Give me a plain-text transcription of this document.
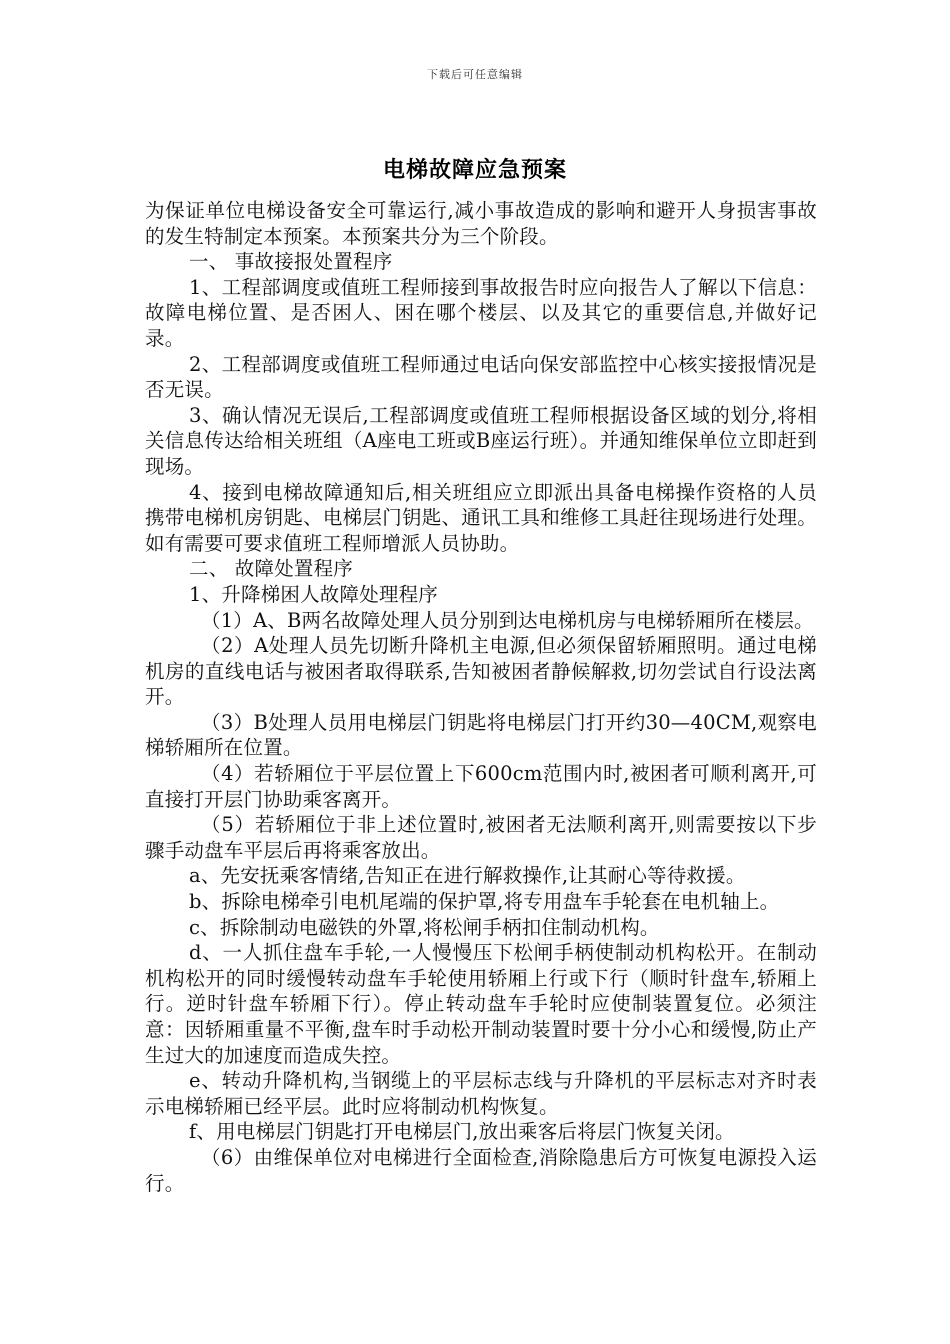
下载后可任意编辑
电梯故障应急预案

为保证单位电梯设备安全可靠运行,减小事故造成的影响和避开人身损害事故的发生特制定本预案。本预案共分为三个阶段。

一、 事故接报处置程序

1、工程部调度或值班工程师接到事故报告时应向报告人了解以下信息：故障电梯位置、是否困人、困在哪个楼层、以及其它的重要信息,并做好记录。

2、工程部调度或值班工程师通过电话向保安部监控中心核实接报情况是否无误。

3、确认情况无误后,工程部调度或值班工程师根据设备区域的划分,将相关信息传达给相关班组（A座电工班或B座运行班）。并通知维保单位立即赶到现场。

4、接到电梯故障通知后,相关班组应立即派出具备电梯操作资格的人员携带电梯机房钥匙、电梯层门钥匙、通讯工具和维修工具赶往现场进行处理。如有需要可要求值班工程师增派人员协助。

二、 故障处置程序

1、升降梯困人故障处理程序

（1）A、B两名故障处理人员分别到达电梯机房与电梯轿厢所在楼层。

（2）A处理人员先切断升降机主电源,但必须保留轿厢照明。通过电梯机房的直线电话与被困者取得联系,告知被困者静候解救,切勿尝试自行设法离开。

（3）B处理人员用电梯层门钥匙将电梯层门打开约30—40CM,观察电梯轿厢所在位置。

（4）若轿厢位于平层位置上下600cm范围内时,被困者可顺利离开,可直接打开层门协助乘客离开。

（5）若轿厢位于非上述位置时,被困者无法顺利离开,则需要按以下步骤手动盘车平层后再将乘客放出。

a、先安抚乘客情绪,告知正在进行解救操作,让其耐心等待救援。

b、拆除电梯牵引电机尾端的保护罩,将专用盘车手轮套在电机轴上。

c、拆除制动电磁铁的外罩,将松闸手柄扣住制动机构。

d、一人抓住盘车手轮,一人慢慢压下松闸手柄使制动机构松开。在制动机构松开的同时缓慢转动盘车手轮使用轿厢上行或下行（顺时针盘车,轿厢上行。逆时针盘车轿厢下行）。停止转动盘车手轮时应使制装置复位。必须注意：因轿厢重量不平衡,盘车时手动松开制动装置时要十分小心和缓慢,防止产生过大的加速度而造成失控。

e、转动升降机构,当钢缆上的平层标志线与升降机的平层标志对齐时表示电梯轿厢已经平层。此时应将制动机构恢复。

f、用电梯层门钥匙打开电梯层门,放出乘客后将层门恢复关闭。

（6）由维保单位对电梯进行全面检查,消除隐患后方可恢复电源投入运行。
